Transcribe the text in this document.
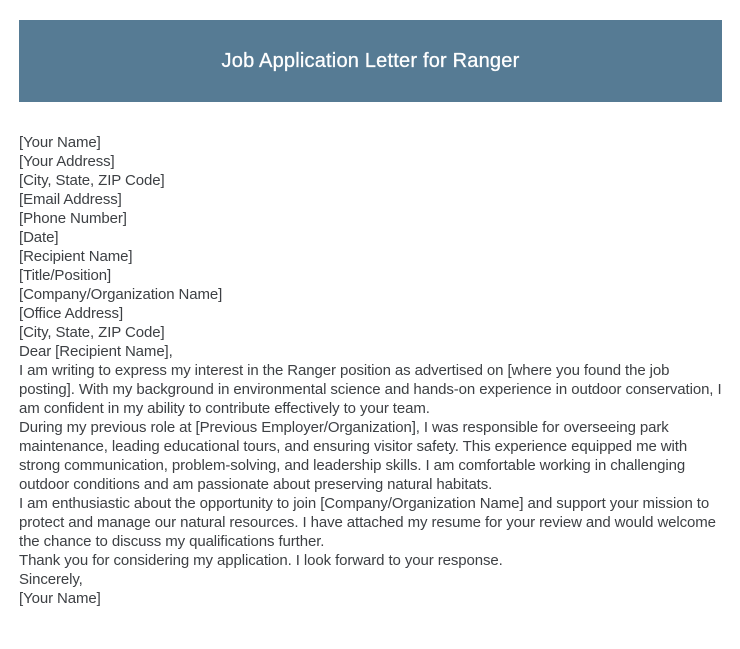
Job Application Letter for Ranger
[Your Name]
[Your Address]
[City, State, ZIP Code]
[Email Address]
[Phone Number]
[Date]
[Recipient Name]
[Title/Position]
[Company/Organization Name]
[Office Address]
[City, State, ZIP Code]
Dear [Recipient Name],

I am writing to express my interest in the Ranger position as advertised on [where you found the job posting]. With my background in environmental science and hands-on experience in outdoor conservation, I am confident in my ability to contribute effectively to your team.

During my previous role at [Previous Employer/Organization], I was responsible for overseeing park maintenance, leading educational tours, and ensuring visitor safety. This experience equipped me with strong communication, problem-solving, and leadership skills. I am comfortable working in challenging outdoor conditions and am passionate about preserving natural habitats.

I am enthusiastic about the opportunity to join [Company/Organization Name] and support your mission to protect and manage our natural resources. I have attached my resume for your review and would welcome the chance to discuss my qualifications further.

Thank you for considering my application. I look forward to your response.

Sincerely,
[Your Name]
